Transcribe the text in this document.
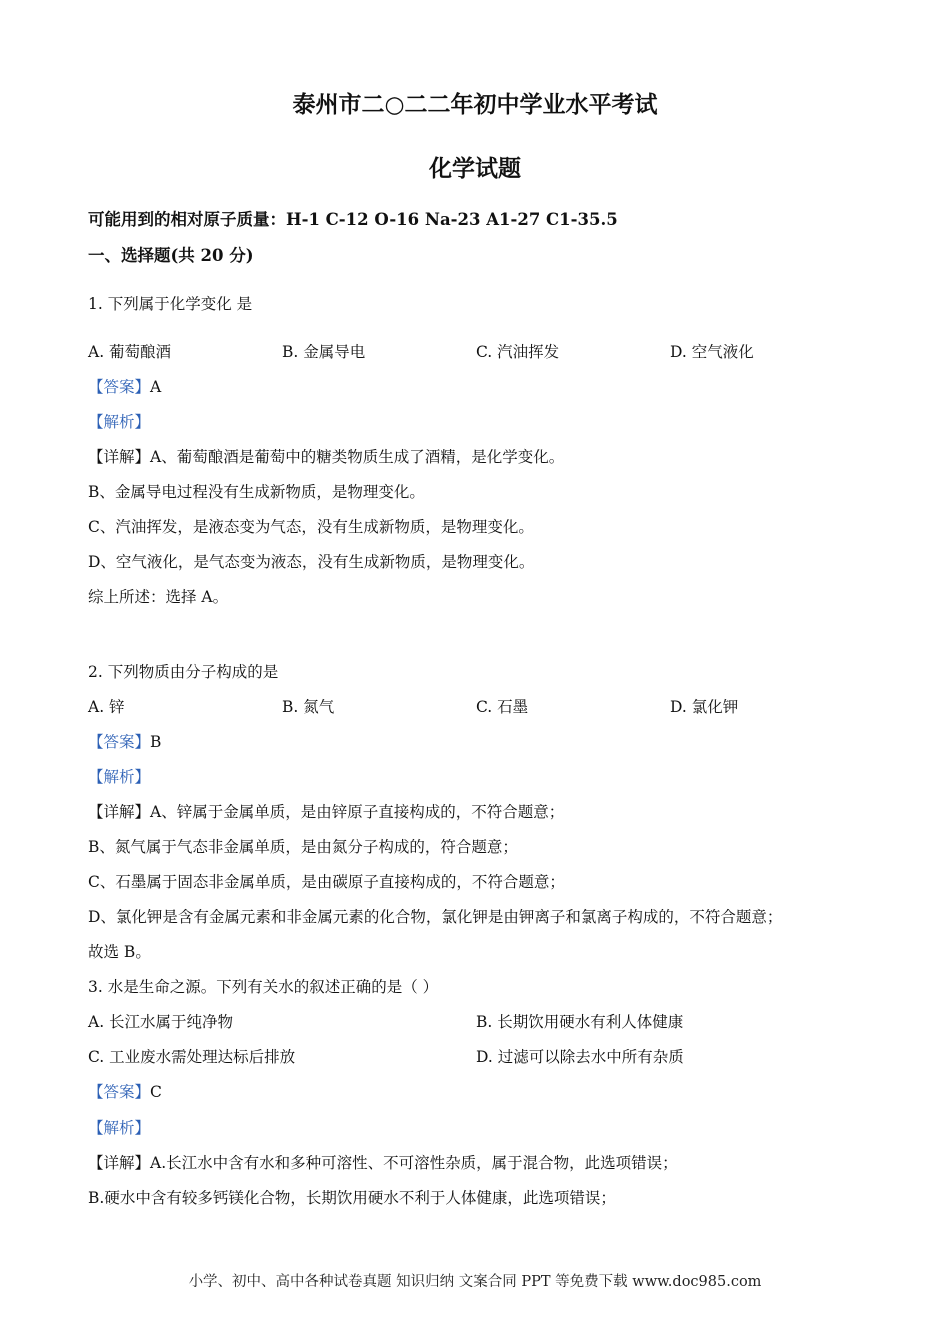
泰州市二○二二年初中学业水平考试
化学试题
可能用到的相对原子质量：H-1 C-12 O-16 Na-23 A1-27 C1-35.5
一、选择题(共 20 分)
1. 下列属于化学变化 是
A. 葡萄酿酒	B. 金属导电	C. 汽油挥发	D. 空气液化
【答案】A
【解析】
【详解】A、葡萄酿酒是葡萄中的糖类物质生成了酒精，是化学变化。
B、金属导电过程没有生成新物质，是物理变化。
C、汽油挥发，是液态变为气态，没有生成新物质，是物理变化。
D、空气液化，是气态变为液态，没有生成新物质，是物理变化。
综上所述：选择 A。
2. 下列物质由分子构成的是
A. 锌	B. 氮气	C. 石墨	D. 氯化钾
【答案】B
【解析】
【详解】A、锌属于金属单质，是由锌原子直接构成的，不符合题意；
B、氮气属于气态非金属单质，是由氮分子构成的，符合题意；
C、石墨属于固态非金属单质，是由碳原子直接构成的，不符合题意；
D、氯化钾是含有金属元素和非金属元素的化合物，氯化钾是由钾离子和氯离子构成的，不符合题意；
故选 B。
3. 水是生命之源。下列有关水的叙述正确的是（ ）
A. 长江水属于纯净物	B. 长期饮用硬水有利人体健康
C. 工业废水需处理达标后排放	D. 过滤可以除去水中所有杂质
【答案】C
【解析】
【详解】A.长江水中含有水和多种可溶性、不可溶性杂质，属于混合物，此选项错误；
B.硬水中含有较多钙镁化合物，长期饮用硬水不利于人体健康，此选项错误；
小学、初中、高中各种试卷真题 知识归纳 文案合同 PPT 等免费下载 www.doc985.com
